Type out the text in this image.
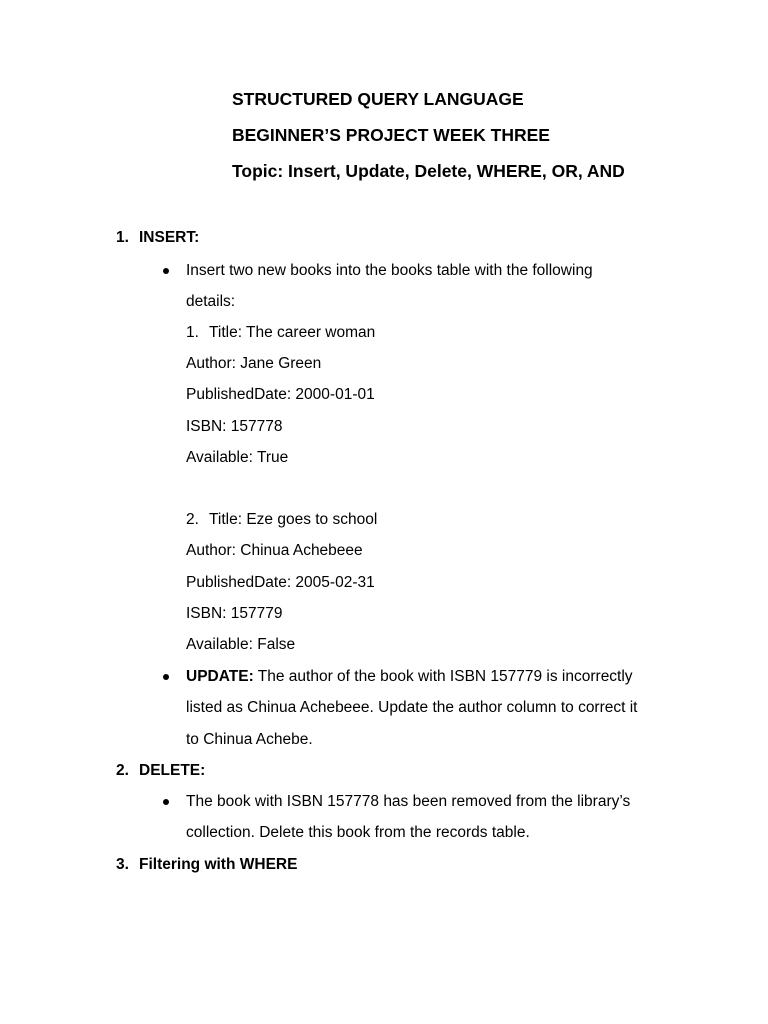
STRUCTURED QUERY LANGUAGE
BEGINNER’S PROJECT WEEK THREE
Topic: Insert, Update, Delete, WHERE, OR, AND
1. INSERT:
Insert two new books into the books table with the following
details:
1. Title: The career woman
Author: Jane Green
PublishedDate: 2000-01-01
ISBN: 157778
Available: True
2. Title: Eze goes to school
Author: Chinua Achebeee
PublishedDate: 2005-02-31
ISBN: 157779
Available: False
UPDATE: The author of the book with ISBN 157779 is incorrectly
listed as Chinua Achebeee. Update the author column to correct it
to Chinua Achebe.
2. DELETE:
The book with ISBN 157778 has been removed from the library’s
collection. Delete this book from the records table.
3. Filtering with WHERE
